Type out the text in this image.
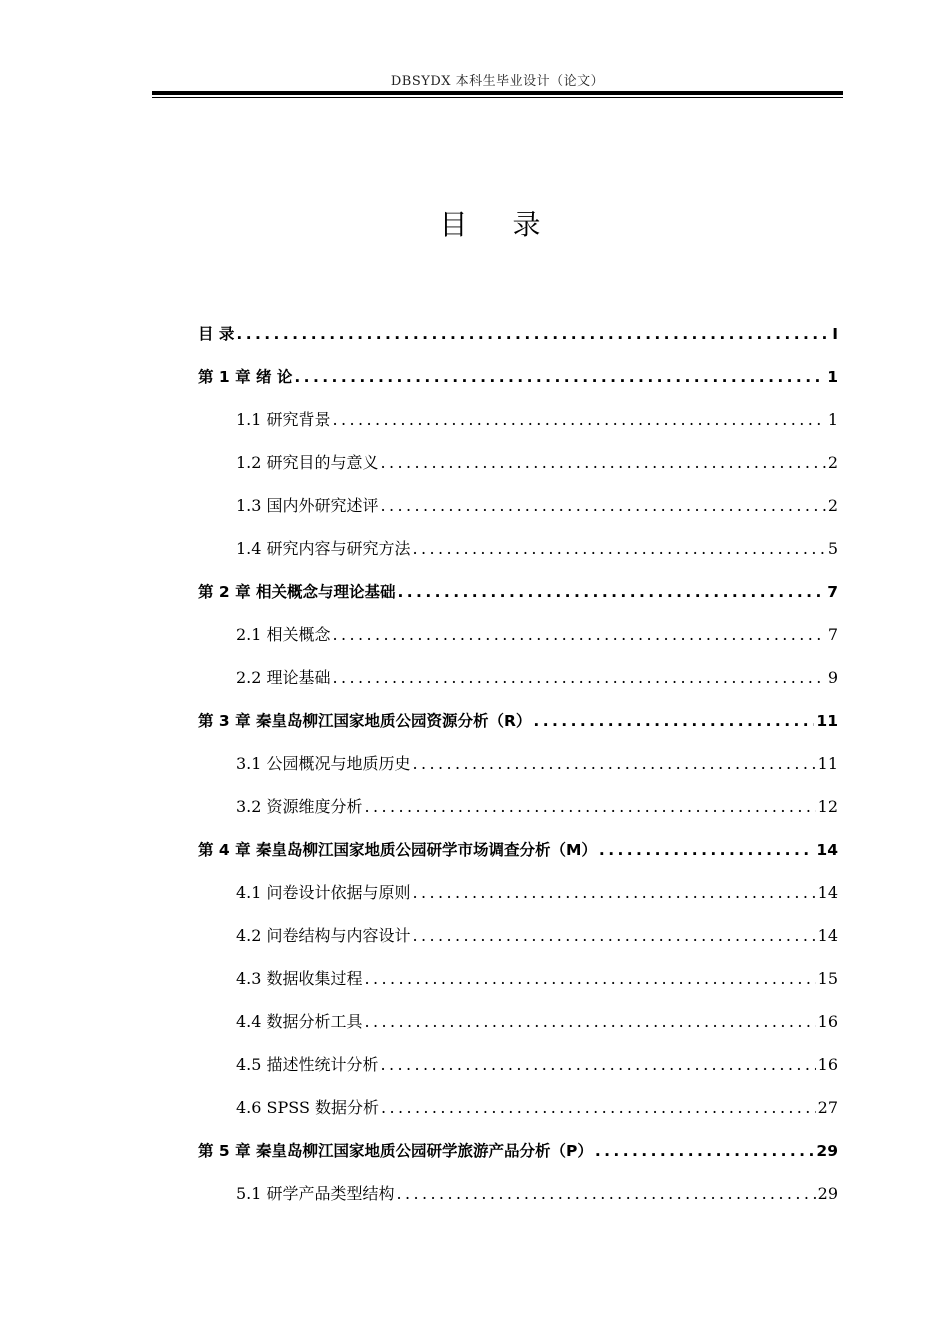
DBSYDX 本科生毕业设计（论文）
目 录
目 录 .....	I
第 1 章 绪 论 .....	1
1.1 研究背景 .....	1
1.2 研究目的与意义 .....	2
1.3 国内外研究述评 .....	2
1.4 研究内容与研究方法 .....	5
第 2 章 相关概念与理论基础 .....	7
2.1 相关概念 .....	7
2.2 理论基础 .....	9
第 3 章 秦皇岛柳江国家地质公园资源分析（R） .....	11
3.1 公园概况与地质历史 .....	11
3.2 资源维度分析 .....	12
第 4 章 秦皇岛柳江国家地质公园研学市场调查分析（M） .....	14
4.1 问卷设计依据与原则 .....	14
4.2 问卷结构与内容设计 .....	14
4.3 数据收集过程 .....	15
4.4 数据分析工具 .....	16
4.5 描述性统计分析 .....	16
4.6 SPSS 数据分析 .....	27
第 5 章 秦皇岛柳江国家地质公园研学旅游产品分析（P） .....	29
5.1 研学产品类型结构 .....	29
